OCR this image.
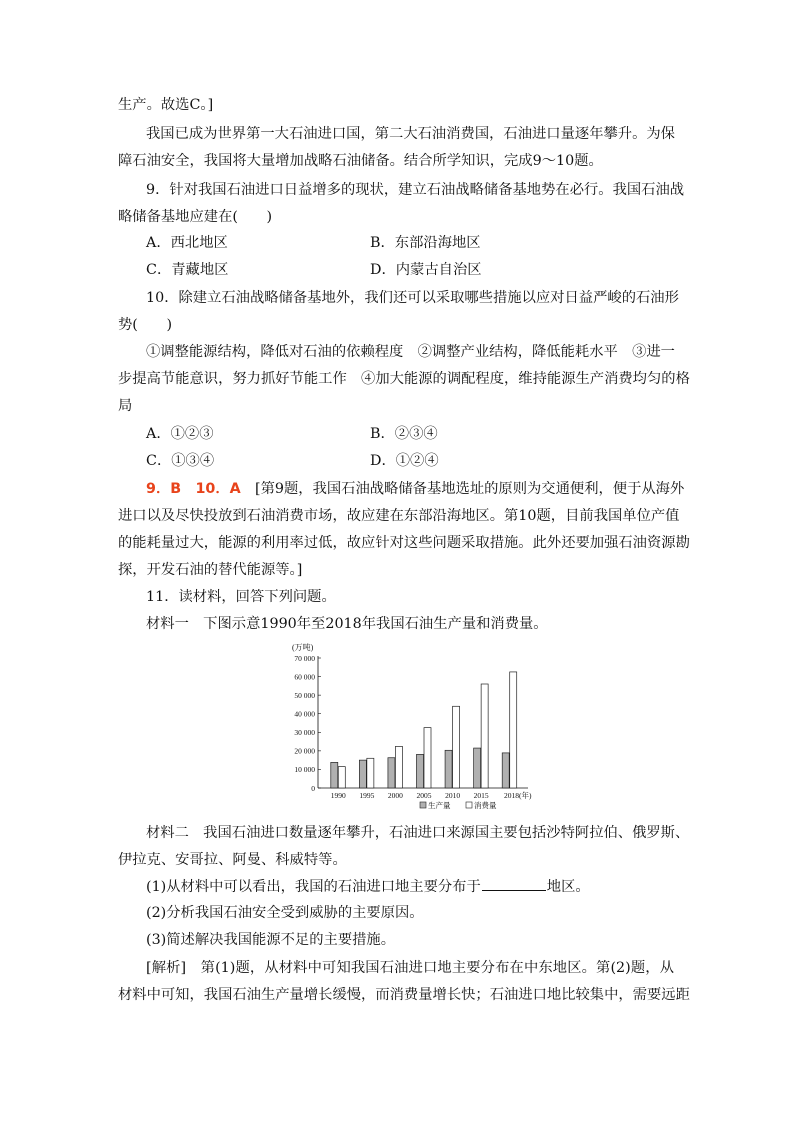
生产。故选C。]
我国已成为世界第一大石油进口国，第二大石油消费国，石油进口量逐年攀升。为保
障石油安全，我国将大量增加战略石油储备。结合所学知识，完成9～10题。
9．针对我国石油进口日益增多的现状，建立石油战略储备基地势在必行。我国石油战
略储备基地应建在(　　)
A．西北地区	B．东部沿海地区
C．青藏地区	D．内蒙古自治区
10．除建立石油战略储备基地外，我们还可以采取哪些措施以应对日益严峻的石油形
势(　　)
①调整能源结构，降低对石油的依赖程度　②调整产业结构，降低能耗水平　③进一
步提高节能意识，努力抓好节能工作　④加大能源的调配程度，维持能源生产消费均匀的格
局
A．①②③	B．②③④
C．①③④	D．①②④
9．B　10．A　 [第9题，我国石油战略储备基地选址的原则为交通便利，便于从海外
进口以及尽快投放到石油消费市场，故应建在东部沿海地区。第10题，目前我国单位产值
的能耗量过大，能源的利用率过低，故应针对这些问题采取措施。此外还要加强石油资源勘
探，开发石油的替代能源等。]
11．读材料，回答下列问题。
材料一　下图示意1990年至2018年我国石油生产量和消费量。
(万吨)
0
10 000
20 000
30 000
40 000
50 000
60 000
70 000
1990 1995 2000 2005 2010 2015 2018(年)
生产量	消费量
材料二　我国石油进口数量逐年攀升，石油进口来源国主要包括沙特阿拉伯、俄罗斯、
伊拉克、安哥拉、阿曼、科威特等。
(1)从材料中可以看出，我国的石油进口地主要分布于	地区。
(2)分析我国石油安全受到威胁的主要原因。
(3)简述解决我国能源不足的主要措施。
[解析]　第(1)题，从材料中可知我国石油进口地主要分布在中东地区。第(2)题，从
材料中可知，我国石油生产量增长缓慢，而消费量增长快；石油进口地比较集中，需要远距
